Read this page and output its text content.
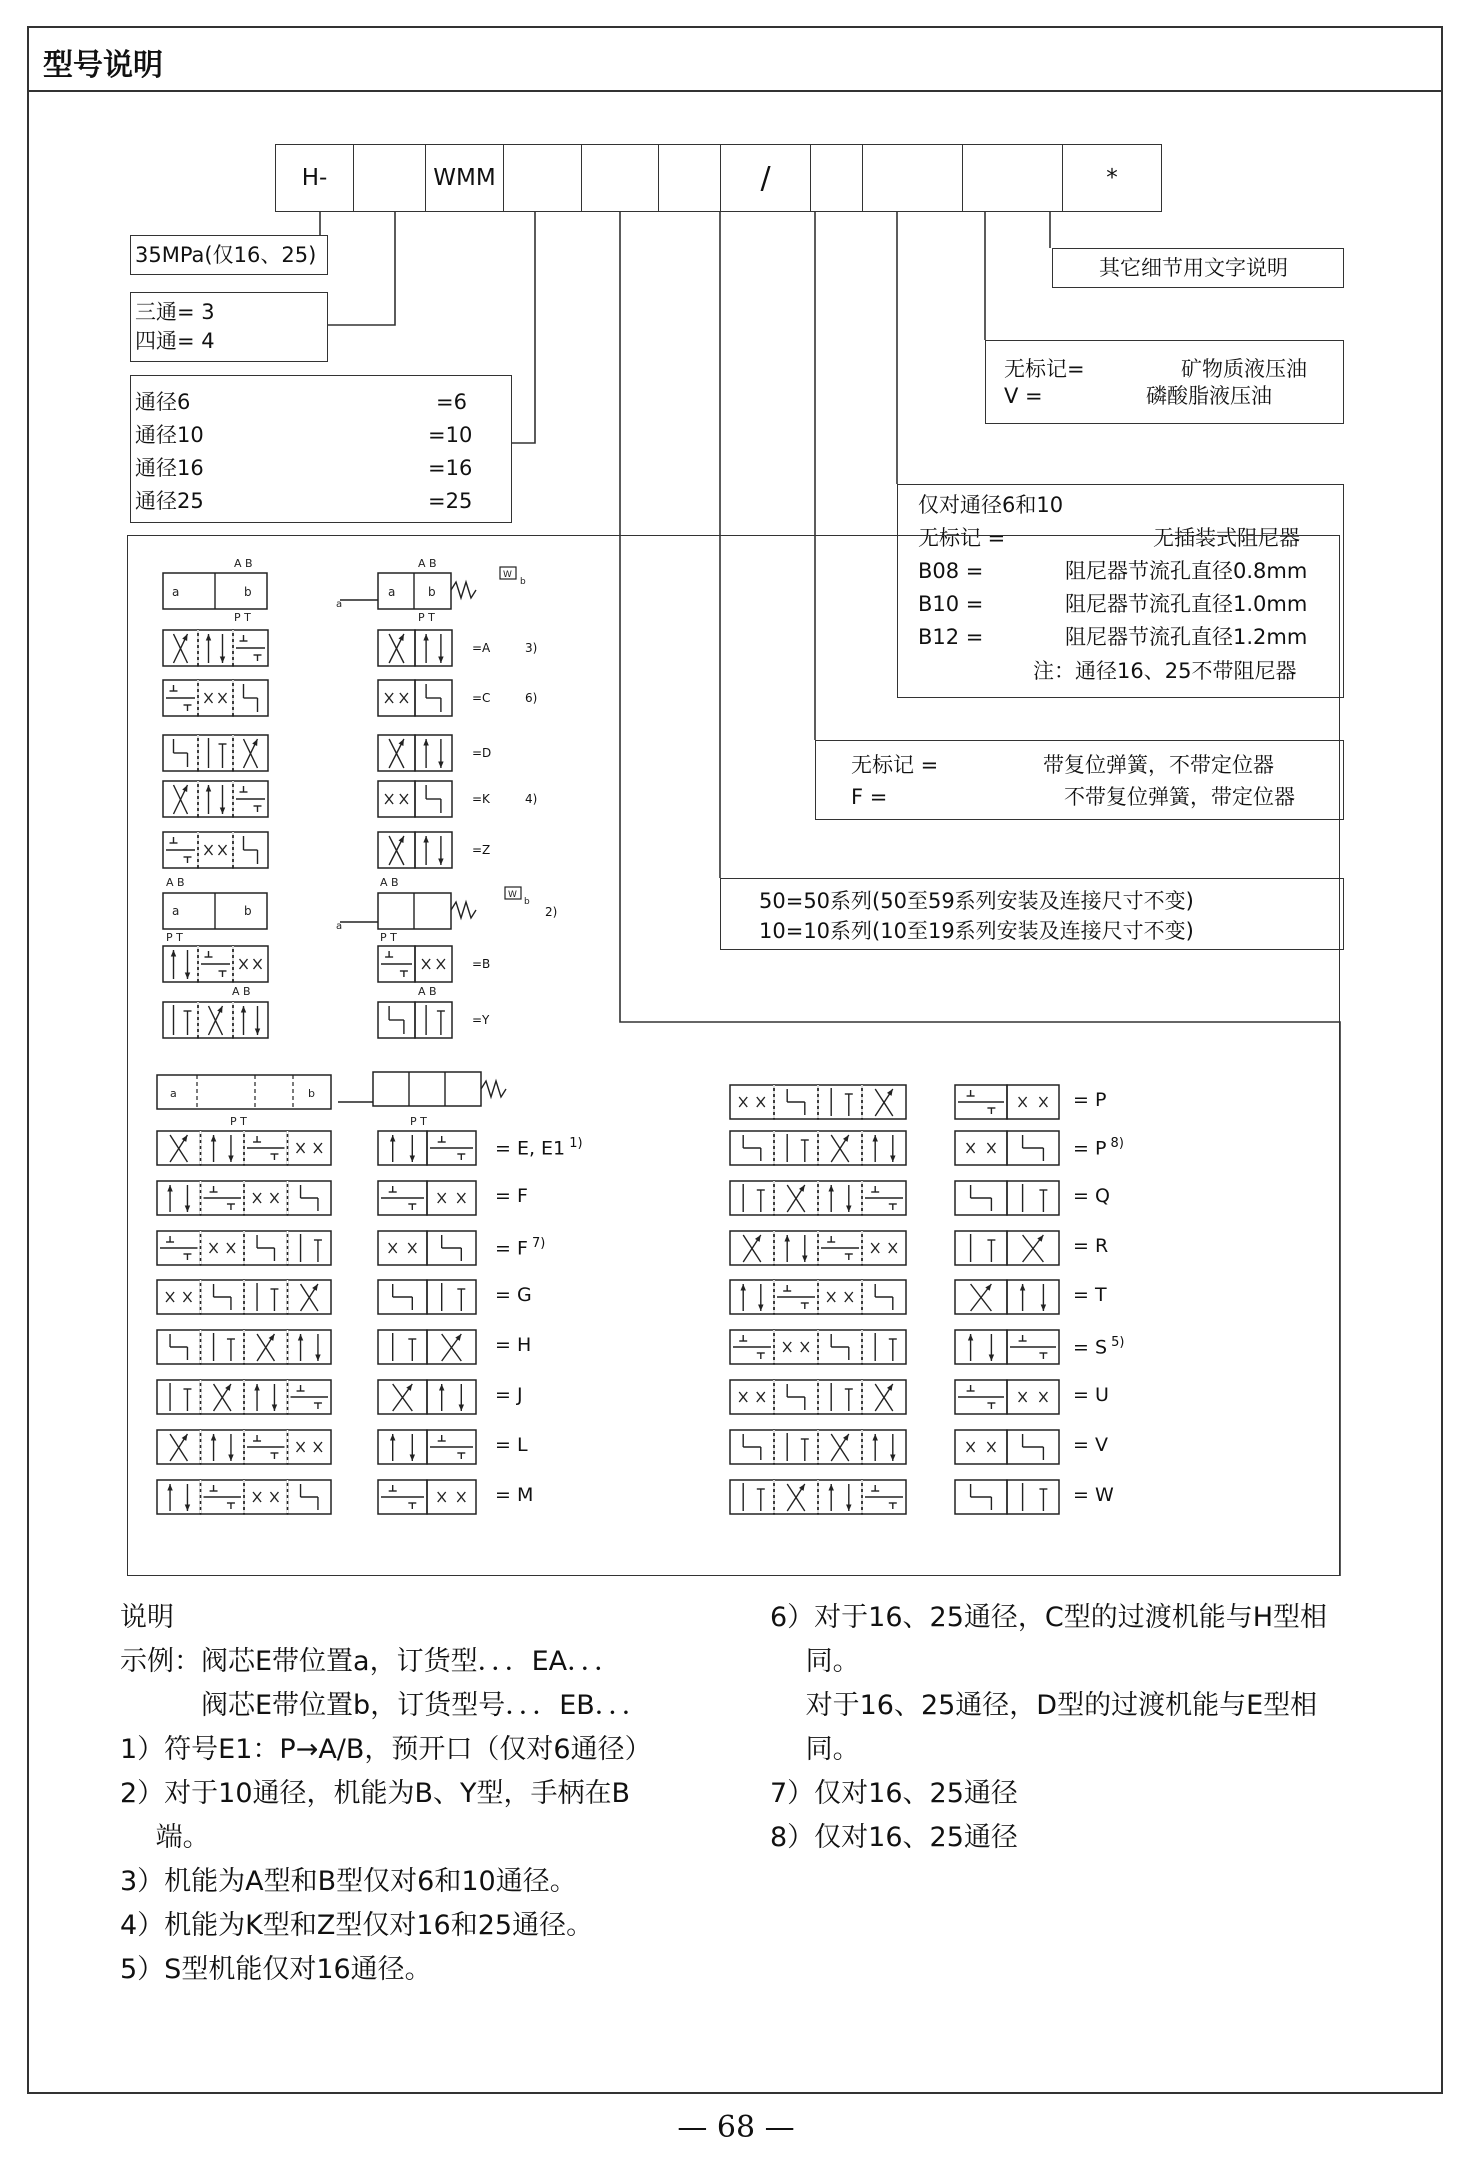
型号说明
H-	WMM	/	*
35MPa(仅16、25)
三通= 3
四通= 4
通径6	=6
通径10	=10
通径16	=16
通径25	=25
其它细节用文字说明
无标记=	矿物质液压油
V =	磷酸脂液压油
仅对通径6和10
无标记 =	无插装式阻尼器
B08 =	阻尼器节流孔直径0.8mm
B10 =	阻尼器节流孔直径1.0mm
B12 =	阻尼器节流孔直径1.2mm
注：通径16、25不带阻尼器
无标记 =	带复位弹簧，不带定位器
F =	不带复位弹簧，带定位器
50=50系列(50至59系列安装及连接尺寸不变)
10=10系列(10至19系列安装及连接尺寸不变)
a	b
A B
P T
a	b
A B
P T
a
W
b
a	b
A B
P T
A B
P T
a
W
b
A B	A B
a	b
P T	P T
=A	3)
=C	6)
=D
=K	4)
=Z
=B
=Y
2)
= E, E1 $^{1)}$
= F
= F $^{7)}$
= G
= H
= J
= L
= M
= P
= P $^{8)}$
= Q
= R
= T
= S $^{5)}$
= U
= V
= W
说明
示例：阀芯E带位置a，订货型．．．EA．．．
　　　阀芯E带位置b，订货型号．．．EB．．．
1）符号E1：P→A/B，预开口（仅对6通径）
2）对于10通径，机能为B、Y型，手柄在B
　 端。
3）机能为A型和B型仅对6和10通径。
4）机能为K型和Z型仅对16和25通径。
5）S型机能仅对16通径。
6）对于16、25通径，C型的过渡机能与H型相
　 同。
　 对于16、25通径，D型的过渡机能与E型相
　 同。
7）仅对16、25通径
8）仅对16、25通径
— 68 —
